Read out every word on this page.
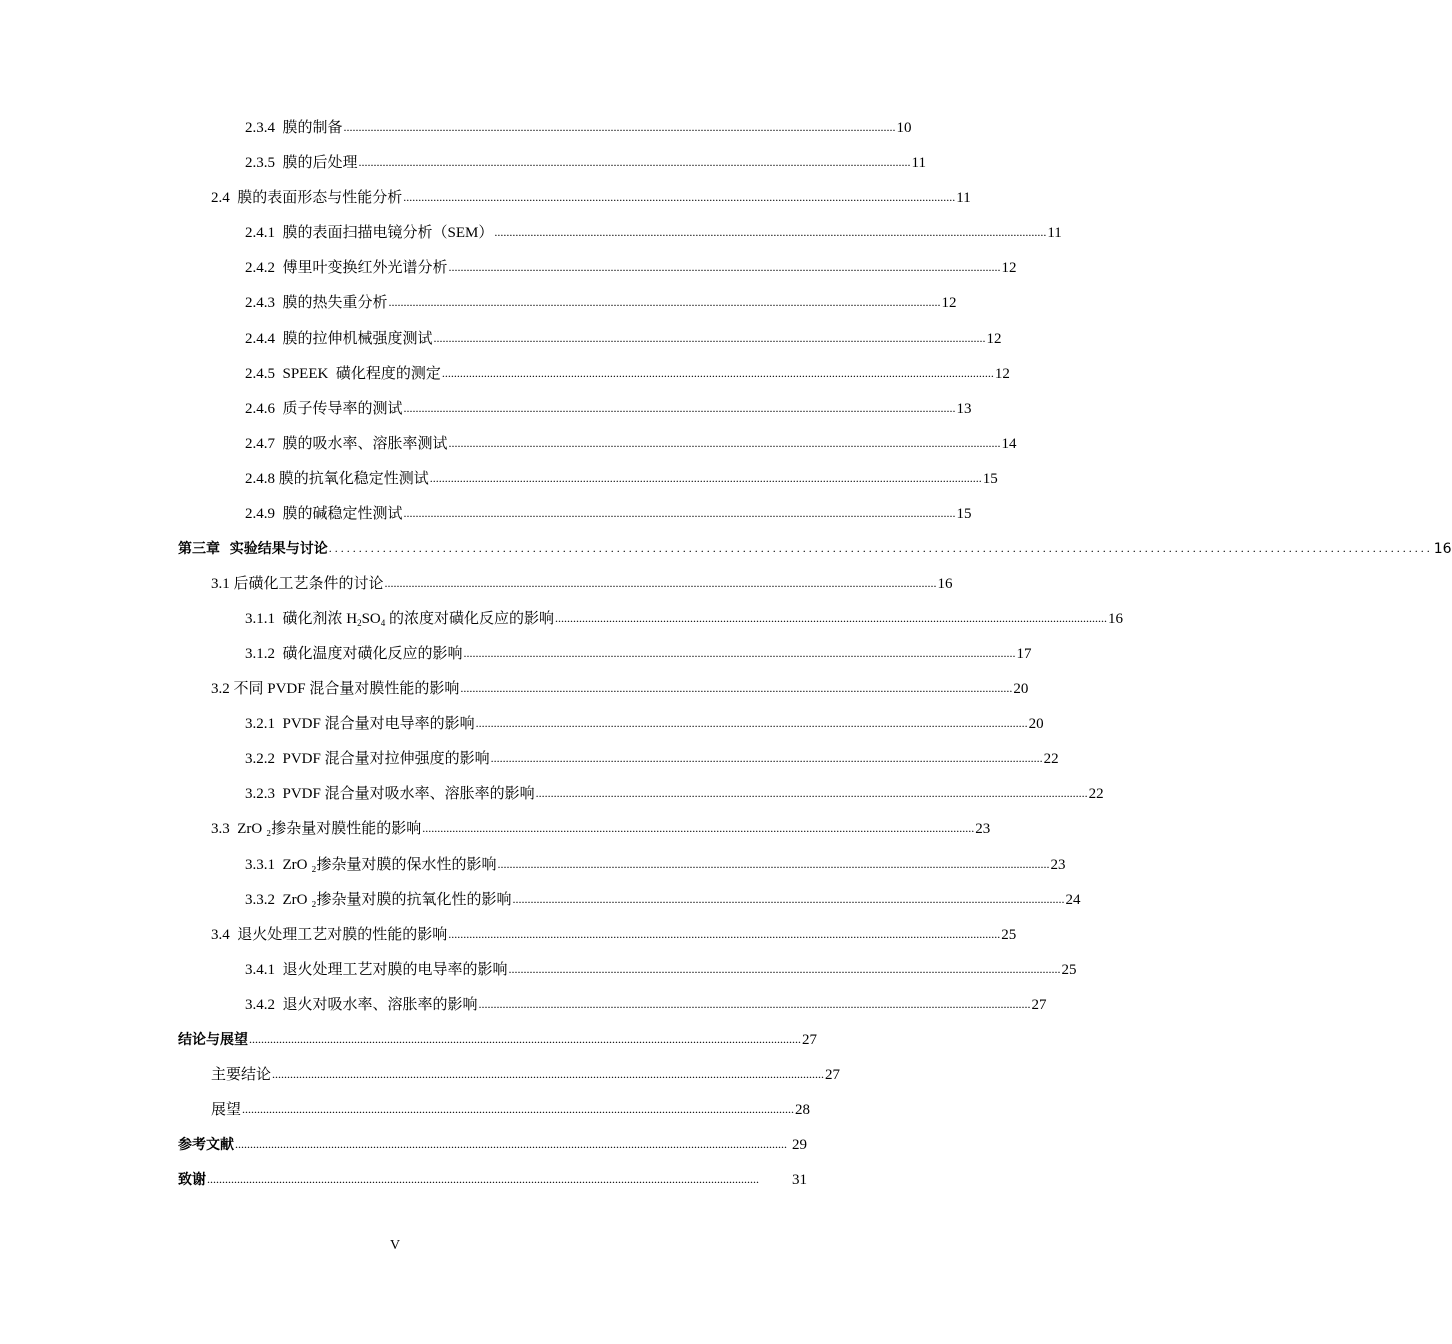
2.3.4  膜的制备 ........................................................................................................................................................................................ 10
2.3.5  膜的后处理 ........................................................................................................................................................................................ 11
2.4  膜的表面形态与性能分析 ........................................................................................................................................................................................ 11
2.4.1  膜的表面扫描电镜分析（SEM） ........................................................................................................................................................................................ 11
2.4.2  傅里叶变换红外光谱分析 ........................................................................................................................................................................................ 12
2.4.3  膜的热失重分析 ........................................................................................................................................................................................ 12
2.4.4  膜的拉伸机械强度测试 ........................................................................................................................................................................................ 12
2.4.5  SPEEK  磺化程度的测定 ........................................................................................................................................................................................ 12
2.4.6  质子传导率的测试 ........................................................................................................................................................................................ 13
2.4.7  膜的吸水率、溶胀率测试 ........................................................................................................................................................................................ 14
2.4.8 膜的抗氧化稳定性测试 ........................................................................................................................................................................................ 15
2.4.9  膜的碱稳定性测试 ........................................................................................................................................................................................ 15
第三章  实验结果与讨论 ........................................................................................................................................................................................ 16
3.1 后磺化工艺条件的讨论 ........................................................................................................................................................................................ 16
3.1.1  磺化剂浓 $H_2SO_4$ 的浓度对磺化反应的影响 ........................................................................................................................................................................................ 16
3.1.2  磺化温度对磺化反应的影响 ........................................................................................................................................................................................ 17
3.2 不同 PVDF 混合量对膜性能的影响 ........................................................................................................................................................................................ 20
3.2.1  PVDF 混合量对电导率的影响 ........................................................................................................................................................................................ 20
3.2.2  PVDF 混合量对拉伸强度的影响 ........................................................................................................................................................................................ 22
3.2.3  PVDF 混合量对吸水率、溶胀率的影响 ........................................................................................................................................................................................ 22
3.3  ZrO ₂掺杂量对膜性能的影响 ........................................................................................................................................................................................ 23
3.3.1  ZrO ₂掺杂量对膜的保水性的影响 ........................................................................................................................................................................................ 23
3.3.2  ZrO ₂掺杂量对膜的抗氧化性的影响 ........................................................................................................................................................................................ 24
3.4  退火处理工艺对膜的性能的影响 ........................................................................................................................................................................................ 25
3.4.1  退火处理工艺对膜的电导率的影响 ........................................................................................................................................................................................ 25
3.4.2  退火对吸水率、溶胀率的影响 ........................................................................................................................................................................................ 27
结论与展望 ........................................................................................................................................................................................ 27
主要结论 ........................................................................................................................................................................................ 27
展望 ........................................................................................................................................................................................ 28
参考文献 ........................................................................................................................................................................................ 29
致谢 ........................................................................................................................................................................................	31
V
